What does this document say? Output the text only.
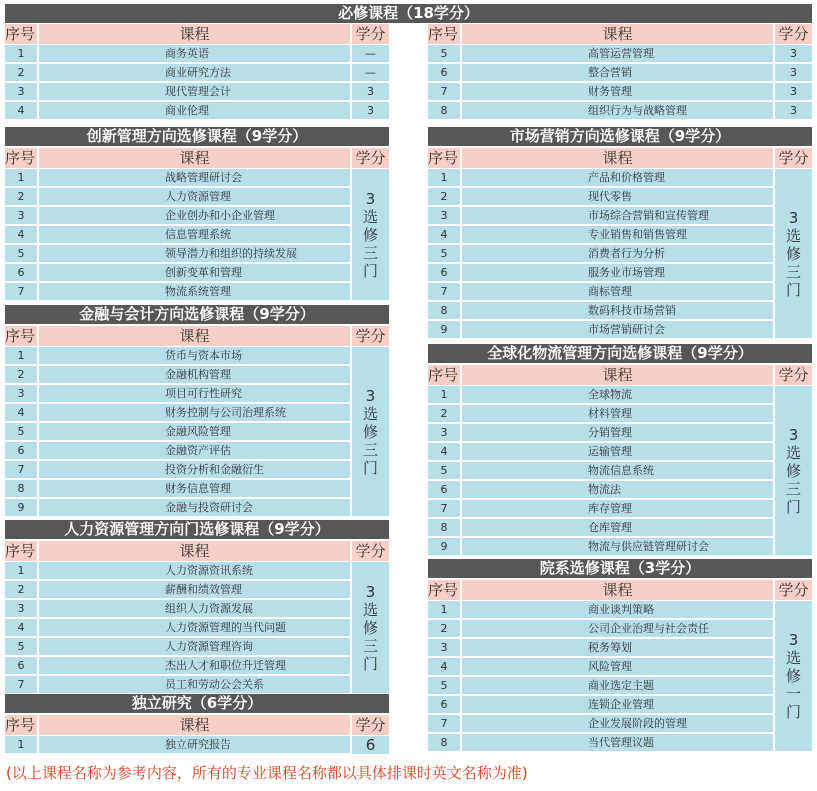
必修课程（18学分）
序号	课程	学分
1	商务英语	—
2	商业研究方法	—
3	现代管理会计	3
4	商业伦理	3
序号	课程	学分
5	高管运营管理	3
6	整合营销	3
7	财务管理	3
8	组织行为与战略管理	3
创新管理方向选修课程（9学分）
序号	课程	学分
1	战略管理研讨会
2	人力资源管理
3	企业创办和小企业管理
4	信息管理系统
5	领导潜力和组织的持续发展
6	创新变革和管理
7	物流系统管理
3
选
修
三
门
金融与会计方向选修课程（9学分）
序号	课程	学分
1	货币与资本市场
2	金融机构管理
3	项目可行性研究
4	财务控制与公司治理系统
5	金融风险管理
6	金融资产评估
7	投资分析和金融衍生
8	财务信息管理
9	金融与投资研讨会
3
选
修
三
门
人力资源管理方向门选修课程（9学分）
序号	课程	学分
1	人力资源资讯系统
2	薪酬和绩效管理
3	组织人力资源发展
4	人力资源管理的当代问题
5	人力资源管理咨询
6	杰出人才和职位升迁管理
7	员工和劳动公会关系
3
选
修
三
门
独立研究（6学分）
序号	课程	学分
1	独立研究报告	6
市场营销方向选修课程（9学分）
序号	课程	学分
1	产品和价格管理
2	现代零售
3	市场综合营销和宣传管理
4	专业销售和销售管理
5	消费者行为分析
6	服务业市场管理
7	商标管理
8	数码科技市场营销
9	市场营销研讨会
3
选
修
三
门
全球化物流管理方向选修课程（9学分）
序号	课程	学分
1	全球物流
2	材料管理
3	分销管理
4	运输管理
5	物流信息系统
6	物流法
7	库存管理
8	仓库管理
9	物流与供应链管理研讨会
3
选
修
三
门
院系选修课程（3学分）
序号	课程	学分
1	商业谈判策略
2	公司企业治理与社会责任
3	税务筹划
4	风险管理
5	商业选定主题
6	连锁企业管理
7	企业发展阶段的管理
8	当代管理议题
3
选
修
一
门
(以上课程名称为参考内容，所有的专业课程名称都以具体排课时英文名称为准)
